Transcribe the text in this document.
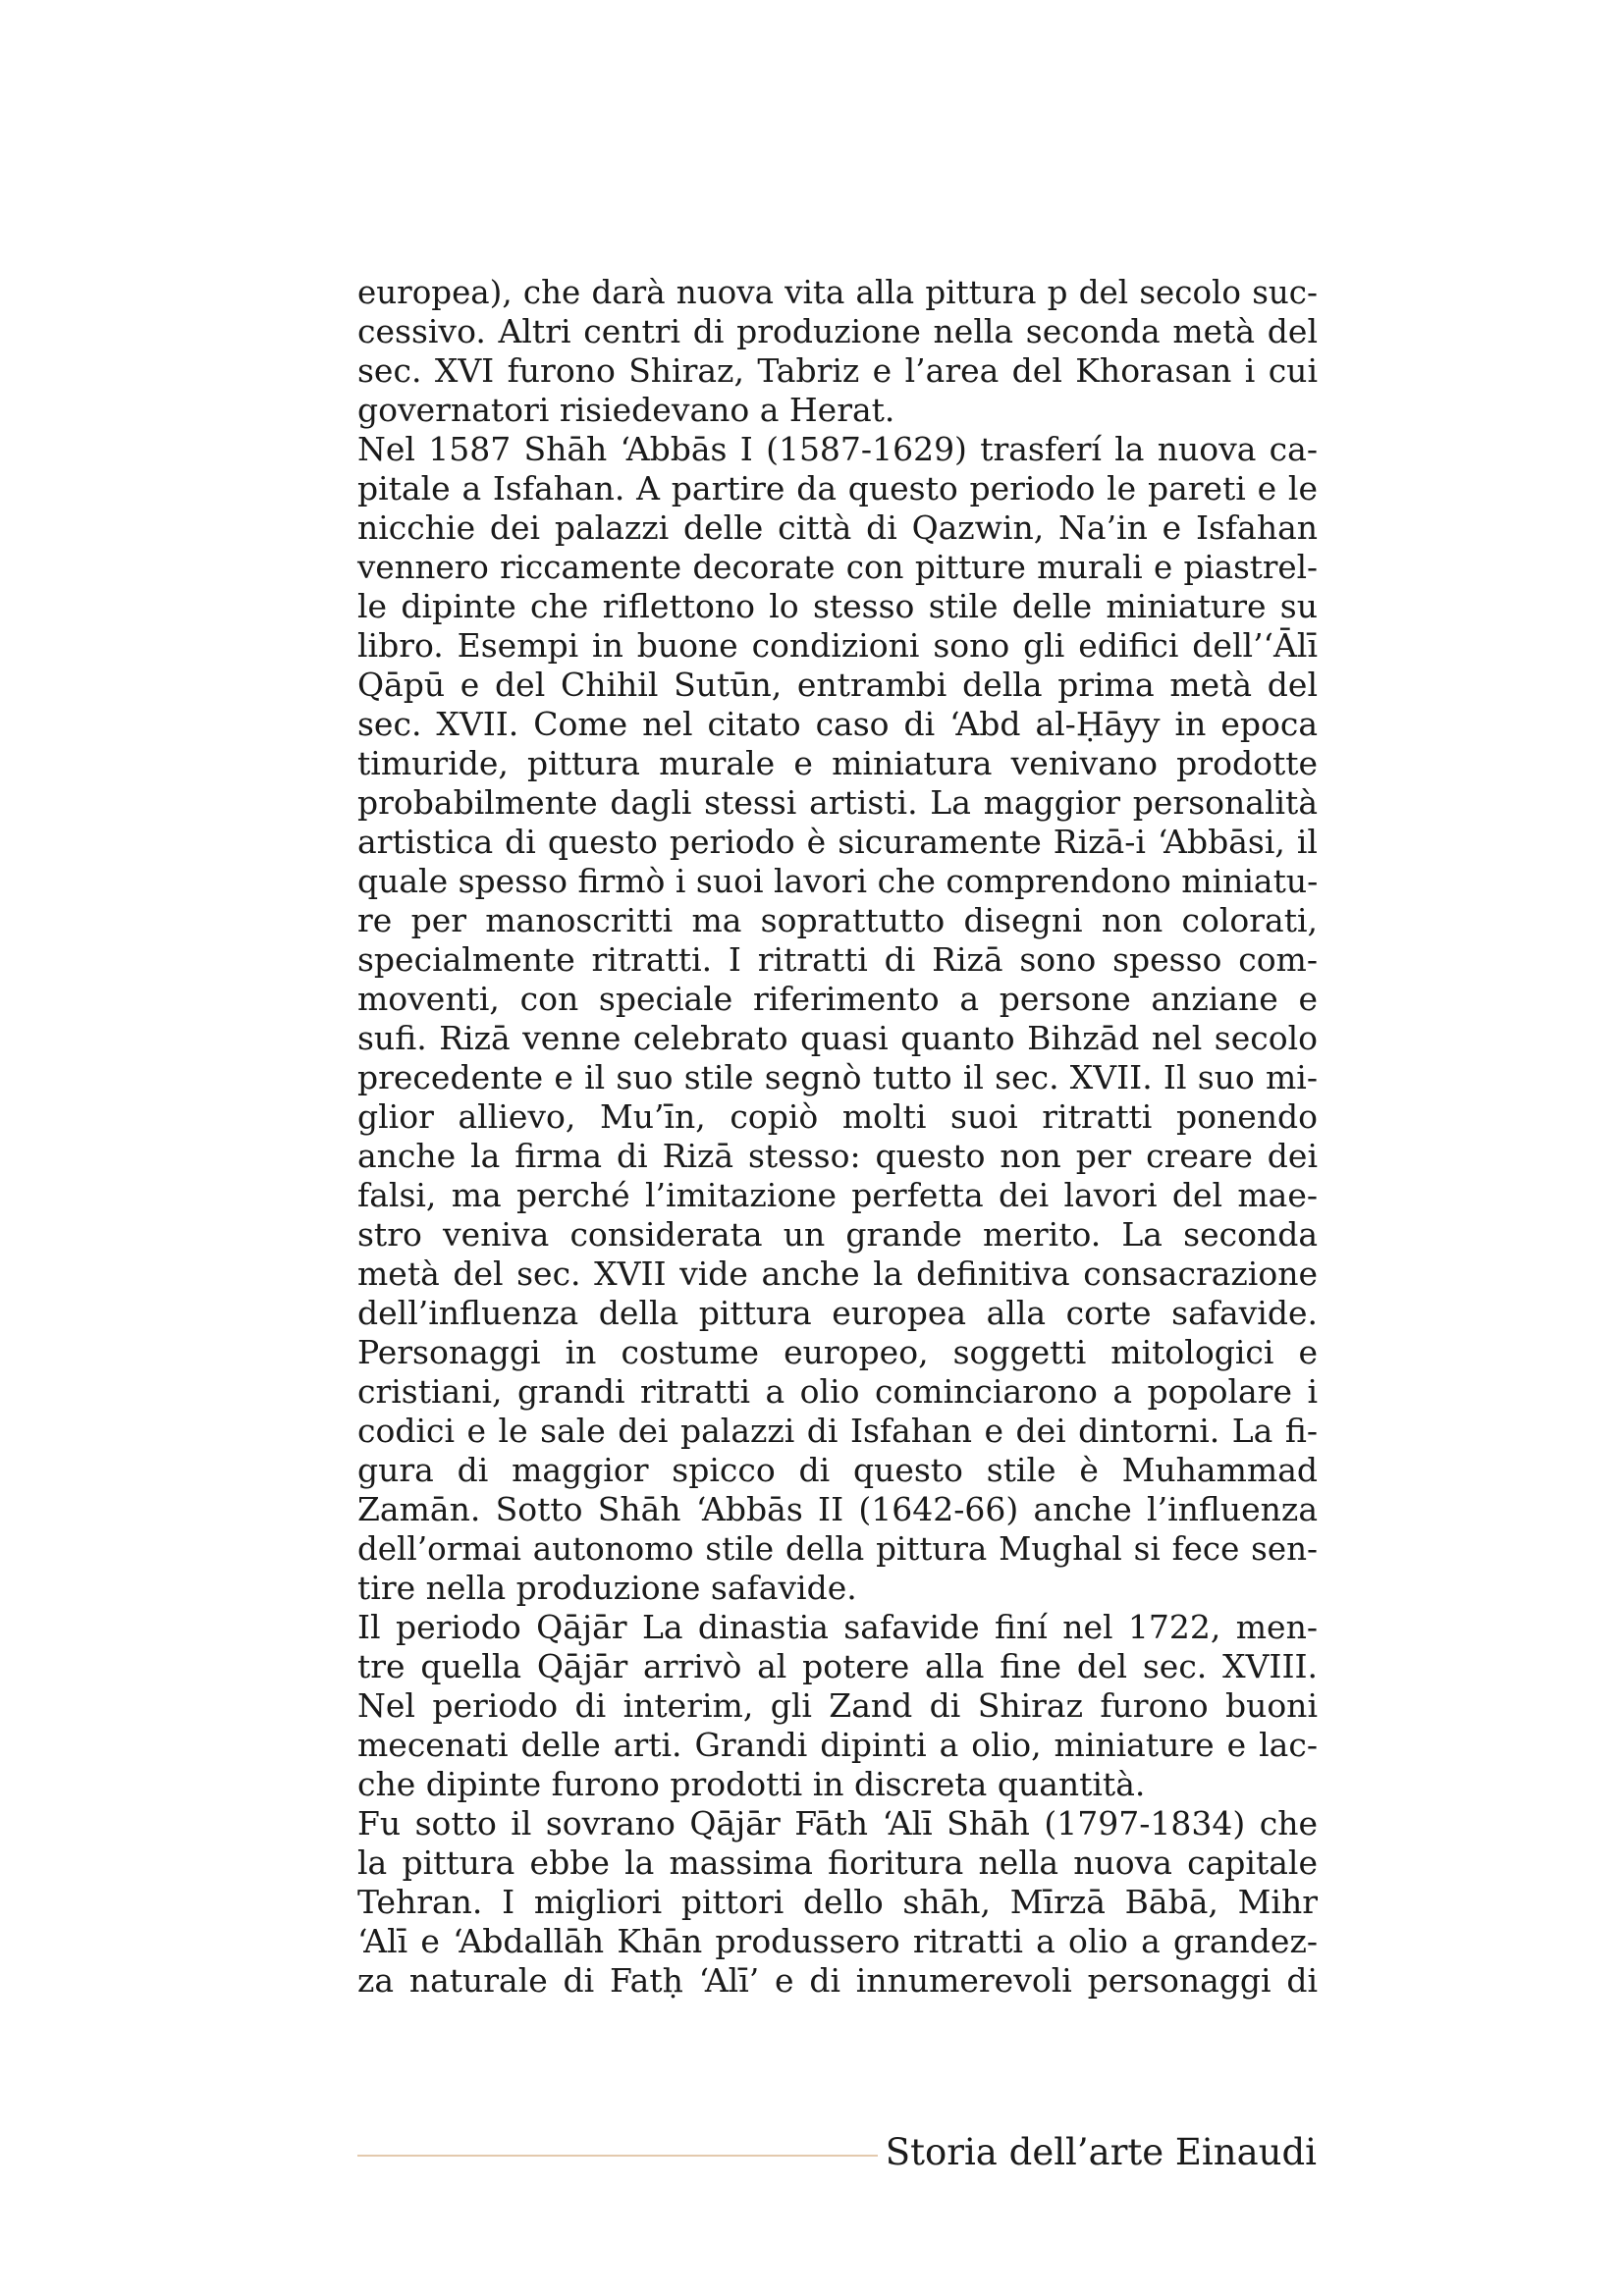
europea), che darà nuova vita alla pittura p del secolo suc-
cessivo. Altri centri di produzione nella seconda metà del
sec. XVI furono Shiraz, Tabriz e l’area del Khorasan i cui
governatori risiedevano a Herat.
Nel 1587 Shāh ‘Abbās I (1587-1629) trasferí la nuova ca-
pitale a Isfahan. A partire da questo periodo le pareti e le
nicchie dei palazzi delle città di Qazwin, Na’in e Isfahan
vennero riccamente decorate con pitture murali e piastrel-
le dipinte che riflettono lo stesso stile delle miniature su
libro. Esempi in buone condizioni sono gli edifici dell’‘Ālī
Qāpū e del Chihil Sutūn, entrambi della prima metà del
sec. XVII. Come nel citato caso di ‘Abd al-Ḥāyy in epoca
timuride, pittura murale e miniatura venivano prodotte
probabilmente dagli stessi artisti. La maggior personalità
artistica di questo periodo è sicuramente Rizā-i ‘Abbāsi, il
quale spesso firmò i suoi lavori che comprendono miniatu-
re per manoscritti ma soprattutto disegni non colorati,
specialmente ritratti. I ritratti di Rizā sono spesso com-
moventi, con speciale riferimento a persone anziane e
sufi. Rizā venne celebrato quasi quanto Bihzād nel secolo
precedente e il suo stile segnò tutto il sec. XVII. Il suo mi-
glior allievo, Mu’īn, copiò molti suoi ritratti ponendo
anche la firma di Rizā stesso: questo non per creare dei
falsi, ma perché l’imitazione perfetta dei lavori del mae-
stro veniva considerata un grande merito. La seconda
metà del sec. XVII vide anche la definitiva consacrazione
dell’influenza della pittura europea alla corte safavide.
Personaggi in costume europeo, soggetti mitologici e
cristiani, grandi ritratti a olio cominciarono a popolare i
codici e le sale dei palazzi di Isfahan e dei dintorni. La fi-
gura di maggior spicco di questo stile è Muhammad
Zamān. Sotto Shāh ‘Abbās II (1642-66) anche l’influenza
dell’ormai autonomo stile della pittura Mughal si fece sen-
tire nella produzione safavide.
Il periodo Qājār La dinastia safavide finí nel 1722, men-
tre quella Qājār arrivò al potere alla fine del sec. XVIII.
Nel periodo di interim, gli Zand di Shiraz furono buoni
mecenati delle arti. Grandi dipinti a olio, miniature e lac-
che dipinte furono prodotti in discreta quantità.
Fu sotto il sovrano Qājār Fāth ‘Alī Shāh (1797-1834) che
la pittura ebbe la massima fioritura nella nuova capitale
Tehran. I migliori pittori dello shāh, Mīrzā Bābā, Mihr
‘Alī e ‘Abdallāh Khān produssero ritratti a olio a grandez-
za naturale di Fatḥ ‘Alī’ e di innumerevoli personaggi di
Storia dell’arte Einaudi
